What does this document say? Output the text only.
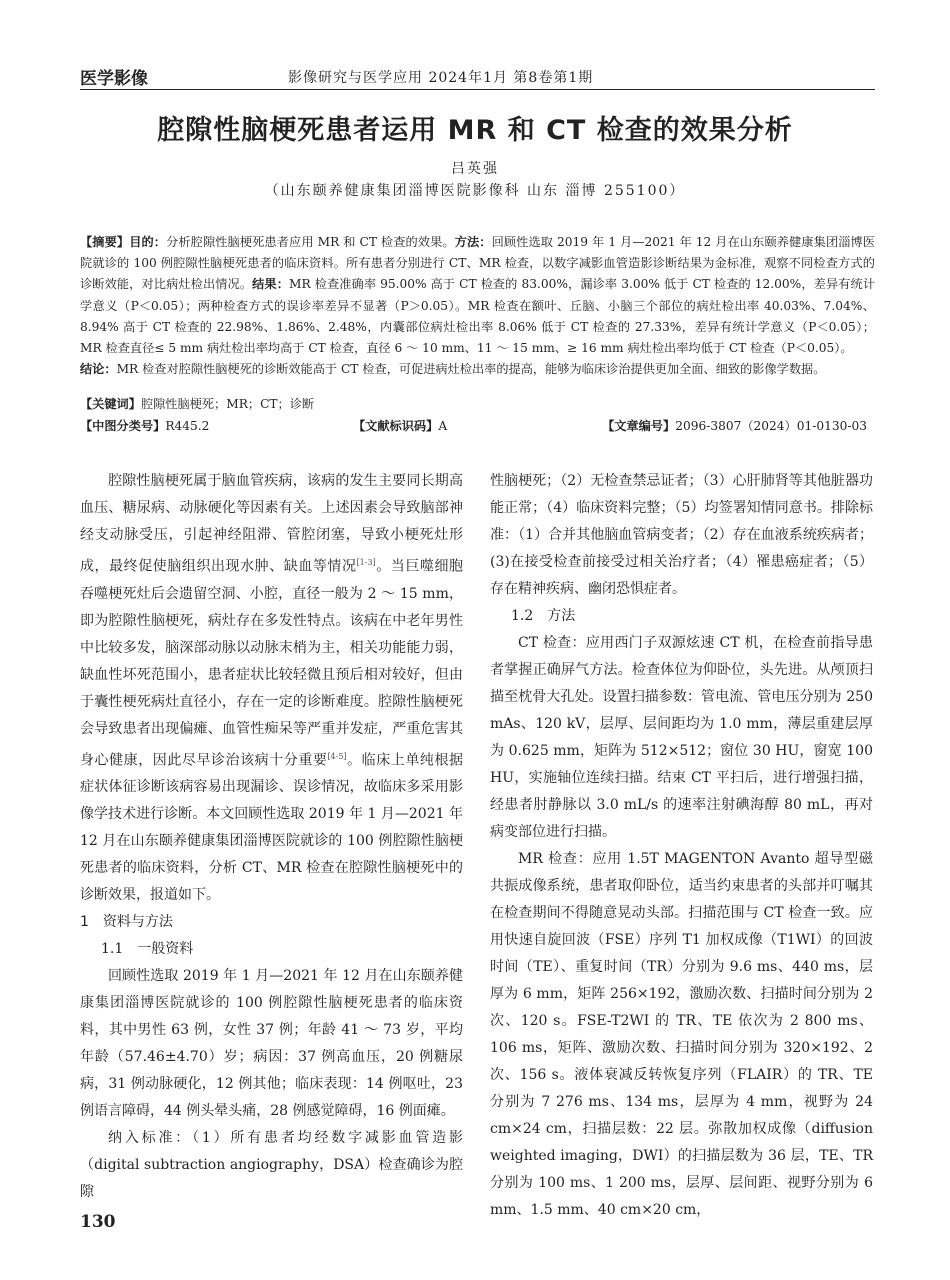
医学影像	影像研究与医学应用 2024年1月 第8卷第1期
腔隙性脑梗死患者运用 MR 和 CT 检查的效果分析
吕英强
（山东颐养健康集团淄博医院影像科 山东 淄博 255100）

【摘要】目的：分析腔隙性脑梗死患者应用 MR 和 CT 检查的效果。方法：回顾性选取 2019 年 1 月—2021 年 12 月在山东颐养健康集团淄博医院就诊的 100 例腔隙性脑梗死患者的临床资料。所有患者分别进行 CT、MR 检查，以数字减影血管造影诊断结果为金标准，观察不同检查方式的诊断效能，对比病灶检出情况。结果：MR 检查准确率 95.00% 高于 CT 检查的 83.00%，漏诊率 3.00% 低于 CT 检查的 12.00%，差异有统计学意义（P＜0.05）；两种检查方式的误诊率差异不显著（P＞0.05）。MR 检查在额叶、丘脑、小脑三个部位的病灶检出率 40.03%、7.04%、8.94% 高于 CT 检查的 22.98%、1.86%、2.48%，内囊部位病灶检出率 8.06% 低于 CT 检查的 27.33%，差异有统计学意义（P＜0.05）；MR 检查直径≤ 5 mm 病灶检出率均高于 CT 检查，直径 6 ～ 10 mm、11 ～ 15 mm、≥ 16 mm 病灶检出率均低于 CT 检查（P＜0.05）。

结论：MR 检查对腔隙性脑梗死的诊断效能高于 CT 检查，可促进病灶检出率的提高，能够为临床诊治提供更加全面、细致的影像学数据。

【关键词】腔隙性脑梗死；MR；CT；诊断
【中图分类号】R445.2	【文献标识码】A	【文章编号】2096-3807（2024）01-0130-03

腔隙性脑梗死属于脑血管疾病，该病的发生主要同长期高血压、糖尿病、动脉硬化等因素有关。上述因素会导致脑部神经支动脉受压，引起神经阻滞、管腔闭塞，导致小梗死灶形成，最终促使脑组织出现水肿、缺血等情况[1-3]。当巨噬细胞吞噬梗死灶后会遗留空洞、小腔，直径一般为 2 ～ 15 mm，即为腔隙性脑梗死，病灶存在多发性特点。该病在中老年男性中比较多发，脑深部动脉以动脉末梢为主，相关功能能力弱，缺血性坏死范围小，患者症状比较轻微且预后相对较好，但由于囊性梗死病灶直径小，存在一定的诊断难度。腔隙性脑梗死会导致患者出现偏瘫、血管性痴呆等严重并发症，严重危害其身心健康，因此尽早诊治该病十分重要[4-5]。临床上单纯根据症状体征诊断该病容易出现漏诊、误诊情况，故临床多采用影像学技术进行诊断。本文回顾性选取 2019 年 1 月—2021 年 12 月在山东颐养健康集团淄博医院就诊的 100 例腔隙性脑梗死患者的临床资料，分析 CT、MR 检查在腔隙性脑梗死中的诊断效果，报道如下。

1　资料与方法

1.1　一般资料

回顾性选取 2019 年 1 月—2021 年 12 月在山东颐养健康集团淄博医院就诊的 100 例腔隙性脑梗死患者的临床资料，其中男性 63 例，女性 37 例；年龄 41 ～ 73 岁，平均年龄（57.46±4.70）岁；病因：37 例高血压，20 例糖尿病，31 例动脉硬化，12 例其他；临床表现：14 例呕吐，23 例语言障碍，44 例头晕头痛，28 例感觉障碍，16 例面瘫。

纳入标准：（1）所有患者均经数字减影血管造影（digital subtraction angiography，DSA）检查确诊为腔隙

性脑梗死；（2）无检查禁忌证者；（3）心肝肺肾等其他脏器功能正常；（4）临床资料完整；（5）均签署知情同意书。排除标准：（1）合并其他脑血管病变者；（2）存在血液系统疾病者；(3)在接受检查前接受过相关治疗者；（4）罹患癌症者；（5）存在精神疾病、幽闭恐惧症者。

1.2　方法

CT 检查：应用西门子双源炫速 CT 机，在检查前指导患者掌握正确屏气方法。检查体位为仰卧位，头先进。从颅顶扫描至枕骨大孔处。设置扫描参数：管电流、管电压分别为 250 mAs、120 kV，层厚、层间距均为 1.0 mm，薄层重建层厚为 0.625 mm，矩阵为 512×512；窗位 30 HU，窗宽 100 HU，实施轴位连续扫描。结束 CT 平扫后，进行增强扫描，经患者肘静脉以 3.0 mL/s 的速率注射碘海醇 80 mL，再对病变部位进行扫描。

MR 检查：应用 1.5T MAGENTON Avanto 超导型磁共振成像系统，患者取仰卧位，适当约束患者的头部并叮嘱其在检查期间不得随意晃动头部。扫描范围与 CT 检查一致。应用快速自旋回波（FSE）序列 T1 加权成像（T1WI）的回波时间（TE）、重复时间（TR）分别为 9.6 ms、440 ms，层厚为 6 mm，矩阵 256×192，激励次数、扫描时间分别为 2 次、120 s。FSE-T2WI 的 TR、TE 依次为 2 800 ms、106 ms，矩阵、激励次数、扫描时间分别为 320×192、2 次、156 s。液体衰减反转恢复序列（FLAIR）的 TR、TE 分别为 7 276 ms、134 ms，层厚为 4 mm，视野为 24 cm×24 cm，扫描层数：22 层。弥散加权成像（diffusion weighted imaging，DWI）的扫描层数为 36 层，TE、TR 分别为 100 ms、1 200 ms，层厚、层间距、视野分别为 6 mm、1.5 mm、40 cm×20 cm，

130
